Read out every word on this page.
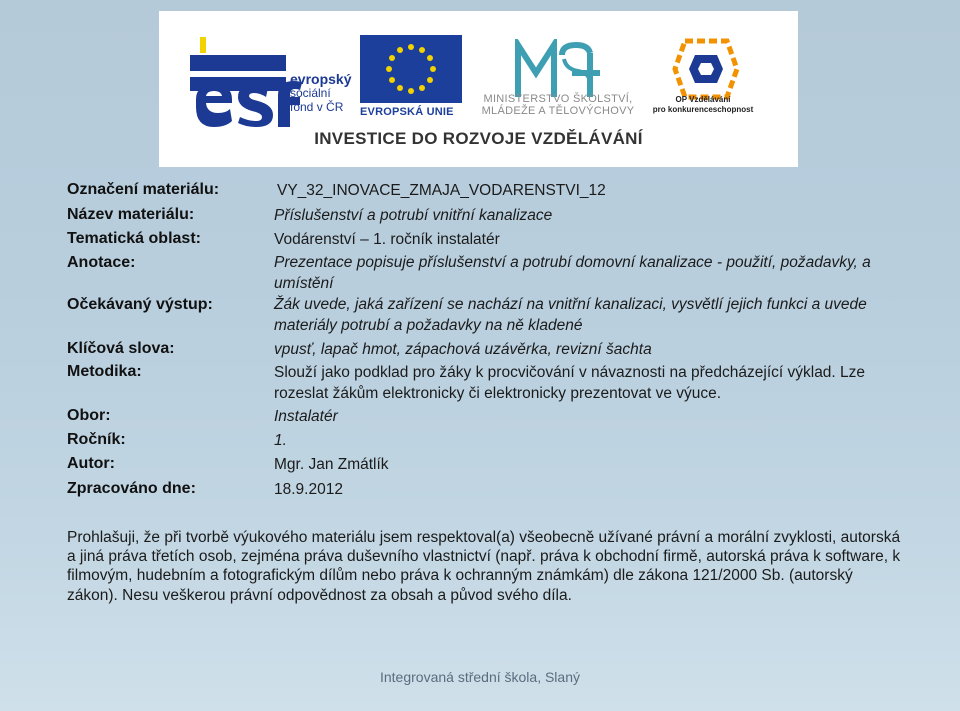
evropský
sociální
fond v ČR	EVROPSKÁ UNIE
MINISTERSTVO ŠKOLSTVÍ,
MLÁDEŽE A TĚLOVÝCHOVY
OP Vzdělávání
pro konkurenceschopnost
INVESTICE DO ROZVOJE VZDĚLÁVÁNÍ
Označení materiálu:	VY_32_INOVACE_ZMAJA_VODARENSTVI_12
Název materiálu:	Příslušenství a potrubí vnitřní kanalizace
Tematická oblast:	Vodárenství – 1. ročník instalatér
Anotace:	Prezentace popisuje příslušenství a potrubí domovní kanalizace - použití, požadavky, a umístění
Očekávaný výstup:	Žák uvede, jaká zařízení se nachází na vnitřní kanalizaci, vysvětlí jejich funkci a uvede materiály potrubí a požadavky na ně kladené
Klíčová slova:	vpusť, lapač hmot, zápachová uzávěrka, revizní šachta
Metodika:	Slouží jako podklad pro žáky k procvičování v návaznosti na předcházející výklad. Lze rozeslat žákům elektronicky či elektronicky prezentovat ve výuce.
Obor:	Instalatér
Ročník:	1.
Autor:	Mgr. Jan Zmátlík
Zpracováno dne:	18.9.2012
Prohlašuji, že při tvorbě výukového materiálu jsem respektoval(a) všeobecně užívané právní a morální zvyklosti, autorská a jiná práva třetích osob, zejména práva duševního vlastnictví (např. práva k obchodní firmě, autorská práva k software, k filmovým, hudebním a fotografickým dílům nebo práva k ochranným známkám) dle zákona 121/2000 Sb. (autorský zákon). Nesu veškerou právní odpovědnost za obsah a původ svého díla.
Integrovaná střední škola, Slaný
